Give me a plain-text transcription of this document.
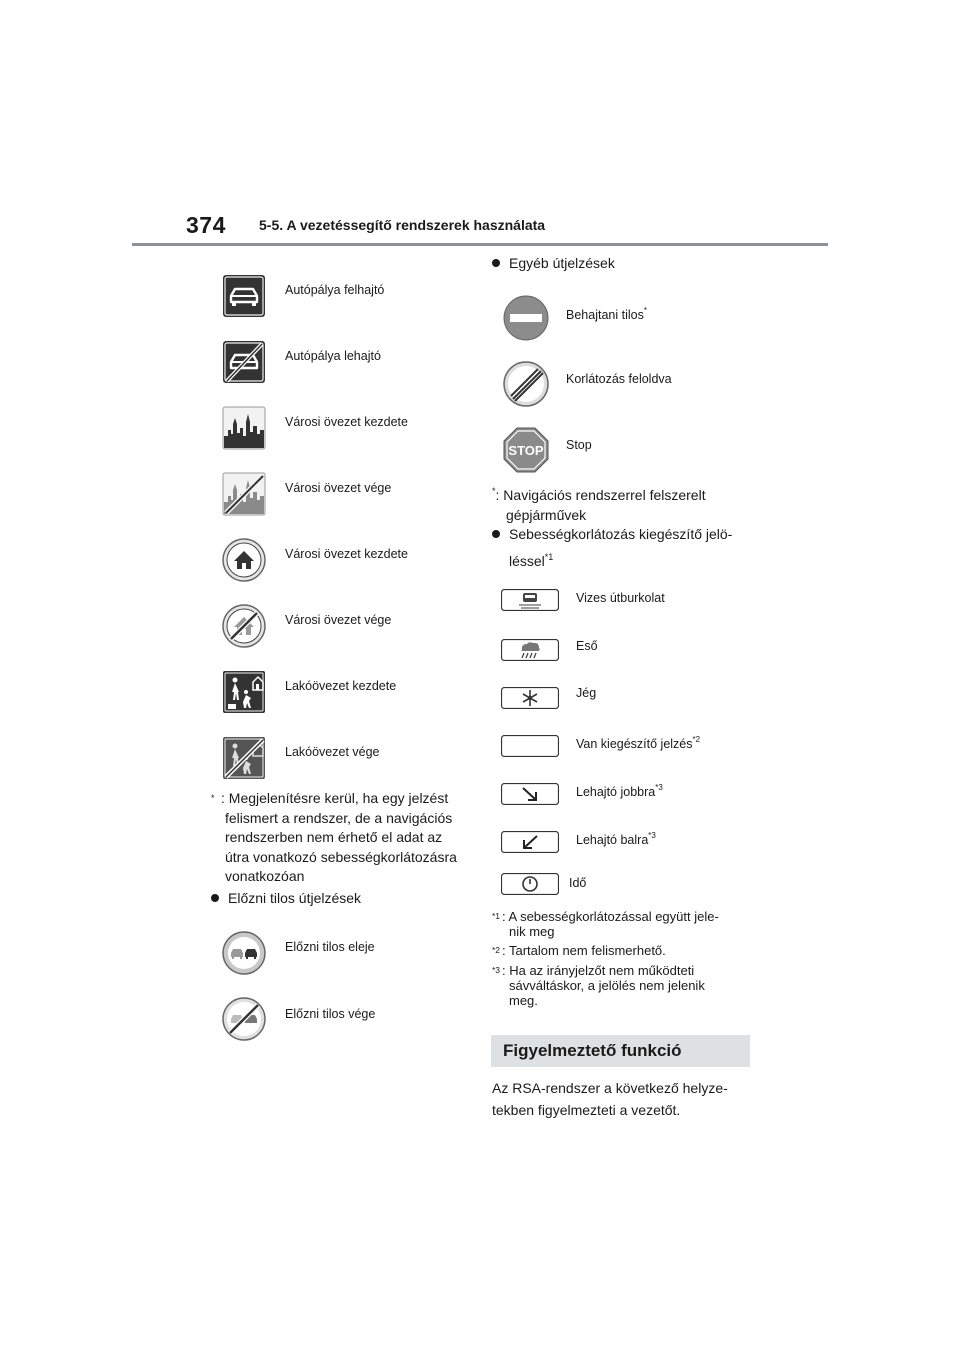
374 5-5. A vezetéssegítő rendszerek használata
Autópálya felhajtó
Autópálya lehajtó
Városi övezet kezdete
Városi övezet vége
Városi övezet kezdete
Városi övezet vége
Lakóövezet kezdete
Lakóövezet vége
* : Megjelenítésre kerül, ha egy jelzést
felismert a rendszer, de a navigációs
rendszerben nem érhető el adat az
útra vonatkozó sebességkorlátozásra
vonatkozóan
Előzni tilos útjelzések
Előzni tilos eleje
Előzni tilos vége
Egyéb útjelzések
Behajtani tilos*
Korlátozás feloldva
STOP Stop
*: Navigációs rendszerrel felszerelt
gépjárművek
Sebességkorlátozás kiegészítő jelö-
léssel$^{*1}$
Vizes útburkolat
Eső
Jég
Van kiegészítő jelzés$^{*2}$
Lehajtó jobbra$^{*3}$
Lehajtó balra$^{*3}$
Idő
$^{*1}$ : A sebességkorlátozással együtt jele-
nik meg
$^{*2}$ : Tartalom nem felismerhető.
$^{*3}$ : Ha az irányjelzőt nem működteti
sávváltáskor, a jelölés nem jelenik
meg.
Figyelmeztető funkció
Az RSA-rendszer a következő helyze-
tekben figyelmezteti a vezetőt.
